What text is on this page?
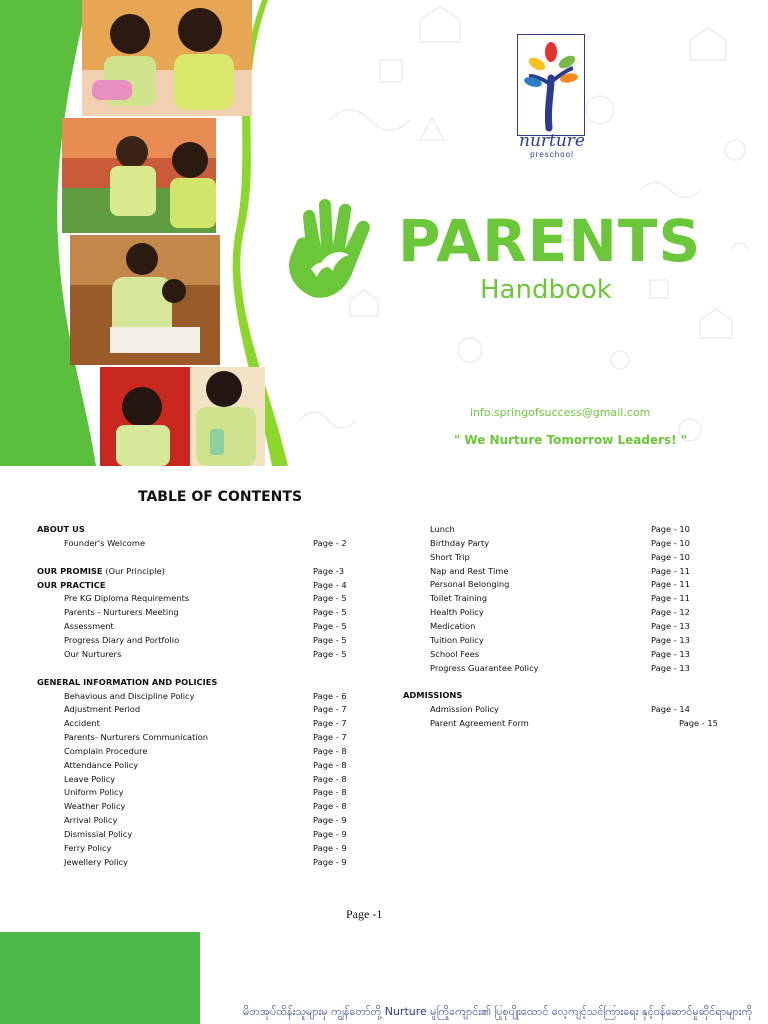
nurture
preschool
PARENTS
Handbook
info.springofsuccess@gmail.com
" We Nurture Tomorrow Leaders! "
TABLE OF CONTENTS
ABOUT US
Founder's Welcome	Page - 2
OUR PROMISE (Our Principle)	Page -3
OUR PRACTICE	Page - 4
Pre KG Diploma Requirements	Page - 5
Parents - Nurturers Meeting	Page - 5
Assessment	Page - 5
Progress Diary and Portfolio	Page - 5
Our Nurturers	Page - 5
GENERAL INFORMATION AND POLICIES
Behavious and Discipline Policy	Page - 6
Adjustment Period	Page - 7
Accident	Page - 7
Parents- Nurturers Communication	Page - 7
Complain Procedure	Page - 8
Attendance Policy	Page - 8
Leave Policy	Page - 8
Uniform Policy	Page - 8
Weather Policy	Page - 8
Arrival Policy	Page - 9
Dismissial Policy	Page - 9
Ferry Policy	Page - 9
Jewellery Policy	Page - 9
Lunch	Page - 10
Birthday Party	Page - 10
Short Trip	Page - 10
Nap and Rest Time	Page - 11
Personal Belonging	Page - 11
Toilet Training	Page - 11
Health Policy	Page - 12
Medication	Page - 13
Tuition Policy	Page - 13
School Fees	Page - 13
Progress Guarantee Policy	Page - 13
ADMISSIONS
Admission Policy	Page - 14
Parent Agreement Form	Page - 15
Page -1
မိဘအုပ်ထိန်းသူများမှ ကျွန်တော်တို့ Nurture မူကြိုကျောင်း၏ ပြုစုပျိုးထောင် လေ့ကျင့်သင်ကြားရေး နှင့်ဝန်ဆောင်မှုဆိုင်ရာများကို
